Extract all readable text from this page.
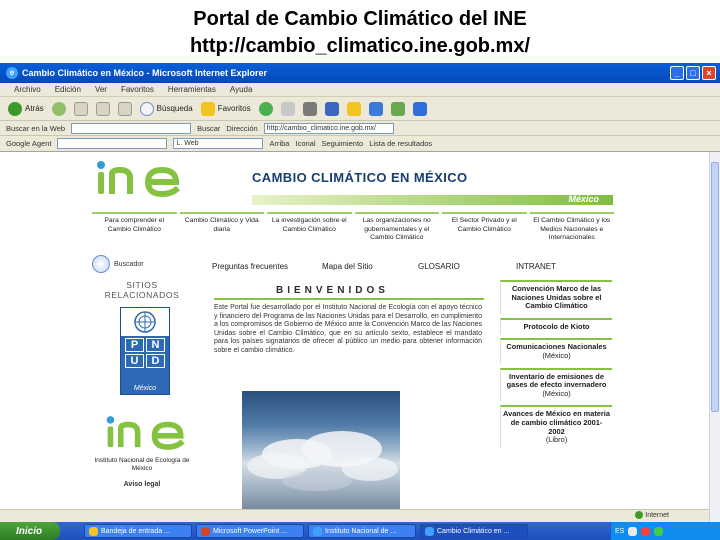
Portal de Cambio Climático del INE
http://cambio_climatico.ine.gob.mx/
e Cambio Climático en México - Microsoft Internet Explorer	_	□	×
Archivo Edición Ver Favoritos Herramientas Ayuda
Atrás	Búsqueda	Favoritos
Buscar en la Web	Buscar Dirección	http://cambio_climatico.ine.gob.mx/
Google Agent	L. Web	Arriba Iconal Seguimiento Lista de resultados
CAMBIO CLIMÁTICO EN MÉXICO
México
Para comprender el Cambio Climático
Cambio Climático y Vida diaria
La investigación sobre el Cambio Climático
Las organizaciones no gubernamentales y el Cambio Climático
El Sector Privado y el Cambio Climático
El Cambio Climático y los Medios Nacionales e Internacionales
Buscador	Preguntas frecuentes	Mapa del Sitio	GLOSARIO	INTRANET
SITIOS
RELACIONADOS
P	N
U	D
México
Instituto Nacional de Ecología de México
Aviso legal
BIENVENIDOS
Este Portal fue desarrollado por el Instituto Nacional de Ecología con el apoyo técnico y financiero del Programa de las Naciones Unidas para el Desarrollo, en cumplimiento a los compromisos de Gobierno de México ante la Convención Marco de las Naciones Unidas sobre el Cambio Climático, que en su artículo sexto, establece el mandato para los países signatarios de ofrecer al público un medio para obtener información sobre el cambio climático.
Convención Marco de las Naciones Unidas sobre el Cambio Climático
Protocolo de Kioto
Comunicaciones Nacionales
(México)
Inventario de emisiones de gases de efecto invernadero
(México)
Avances de México en materia de cambio climático 2001-2002
(Libro)
Internet
Inicio	Bandeja de entrada ...	Microsoft PowerPoint ...	Instituto Nacional de ...	Cambio Climático en ...	ES
